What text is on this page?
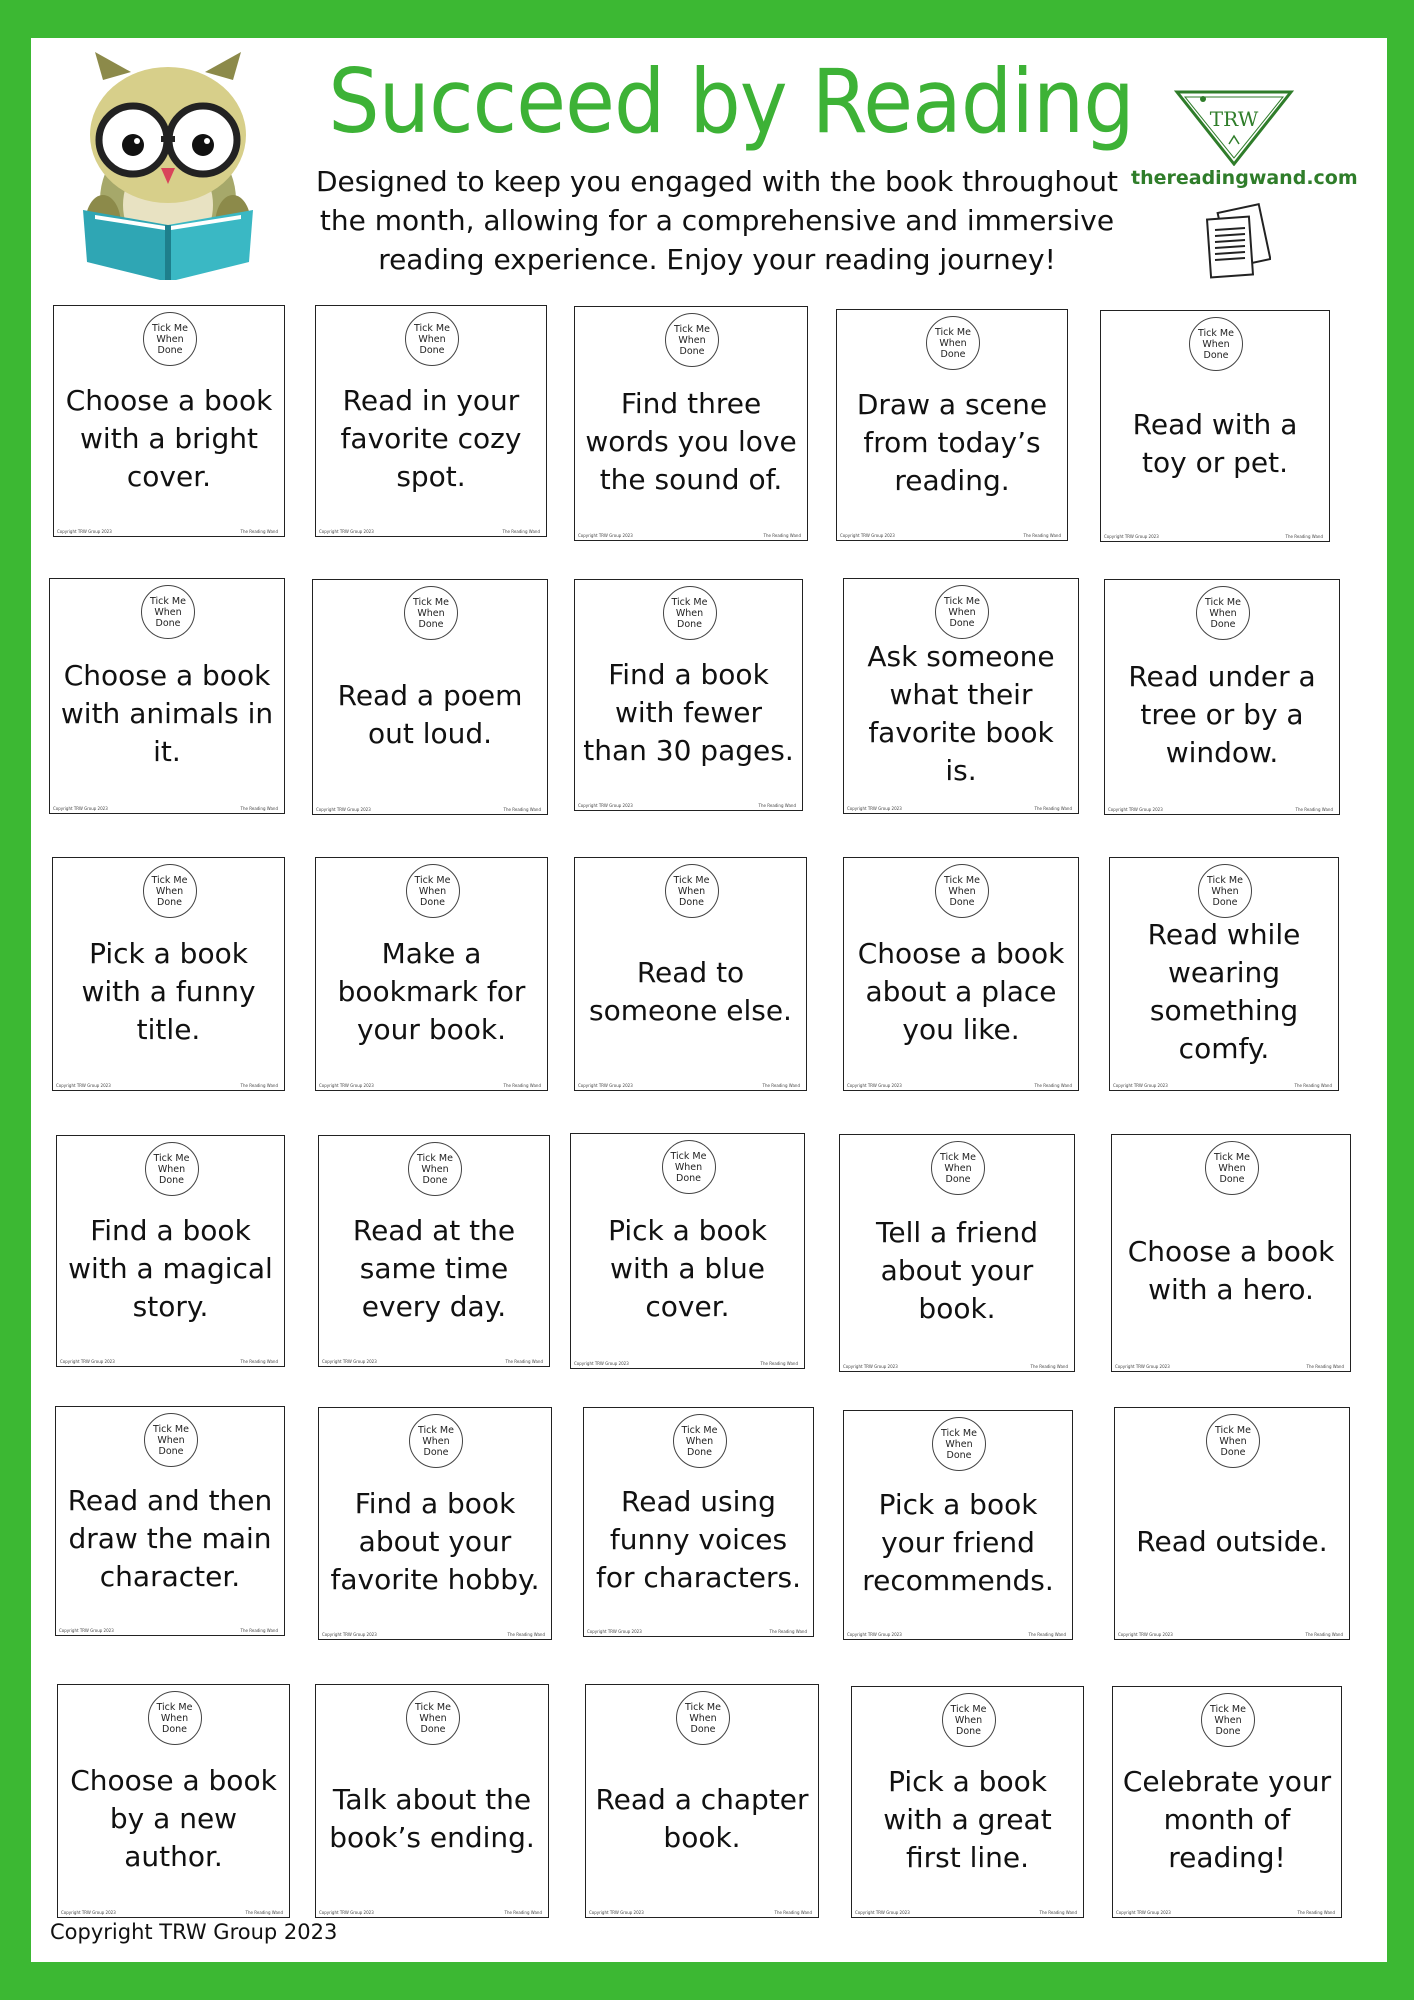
Succeed by Reading
Designed to keep you engaged with the book throughout the month, allowing for a comprehensive and immersive reading experience. Enjoy your reading journey!
TRW
thereadingwand.com
Tick Me
When Done
Choose a book with a bright cover.
Copyright TRW Group 2023	The Reading Wand
Tick Me
When Done
Read in your favorite cozy spot.
Copyright TRW Group 2023	The Reading Wand
Tick Me
When Done
Find three words you love the sound of.
Copyright TRW Group 2023	The Reading Wand
Tick Me
When Done
Draw a scene from today’s reading.
Copyright TRW Group 2023	The Reading Wand
Tick Me
When Done
Read with a toy or pet.
Copyright TRW Group 2023	The Reading Wand
Tick Me
When Done
Choose a book with animals in it.
Copyright TRW Group 2023	The Reading Wand
Tick Me
When Done
Read a poem out loud.
Copyright TRW Group 2023	The Reading Wand
Tick Me
When Done
Find a book with fewer than 30 pages.
Copyright TRW Group 2023	The Reading Wand
Tick Me
When Done
Ask someone what their favorite book is.
Copyright TRW Group 2023	The Reading Wand
Tick Me
When Done
Read under a tree or by a window.
Copyright TRW Group 2023	The Reading Wand
Tick Me
When Done
Pick a book with a funny title.
Copyright TRW Group 2023	The Reading Wand
Tick Me
When Done
Make a bookmark for your book.
Copyright TRW Group 2023	The Reading Wand
Tick Me
When Done
Read to someone else.
Copyright TRW Group 2023	The Reading Wand
Tick Me
When Done
Choose a book about a place you like.
Copyright TRW Group 2023	The Reading Wand
Tick Me
When Done
Read while wearing something comfy.
Copyright TRW Group 2023	The Reading Wand
Tick Me
When Done
Find a book with a magical story.
Copyright TRW Group 2023	The Reading Wand
Tick Me
When Done
Read at the same time every day.
Copyright TRW Group 2023	The Reading Wand
Tick Me
When Done
Pick a book with a blue cover.
Copyright TRW Group 2023	The Reading Wand
Tick Me
When Done
Tell a friend about your book.
Copyright TRW Group 2023	The Reading Wand
Tick Me
When Done
Choose a book with a hero.
Copyright TRW Group 2023	The Reading Wand
Tick Me
When Done
Read and then draw the main character.
Copyright TRW Group 2023	The Reading Wand
Tick Me
When Done
Find a book about your favorite hobby.
Copyright TRW Group 2023	The Reading Wand
Tick Me
When Done
Read using funny voices for characters.
Copyright TRW Group 2023	The Reading Wand
Tick Me
When Done
Pick a book your friend recommends.
Copyright TRW Group 2023	The Reading Wand
Tick Me
When Done
Read outside.
Copyright TRW Group 2023	The Reading Wand
Tick Me
When Done
Choose a book by a new author.
Copyright TRW Group 2023	The Reading Wand
Tick Me
When Done
Talk about the book’s ending.
Copyright TRW Group 2023	The Reading Wand
Tick Me
When Done
Read a chapter book.
Copyright TRW Group 2023	The Reading Wand
Tick Me
When Done
Pick a book with a great first line.
Copyright TRW Group 2023	The Reading Wand
Tick Me
When Done
Celebrate your month of reading!
Copyright TRW Group 2023	The Reading Wand
Copyright TRW Group 2023
